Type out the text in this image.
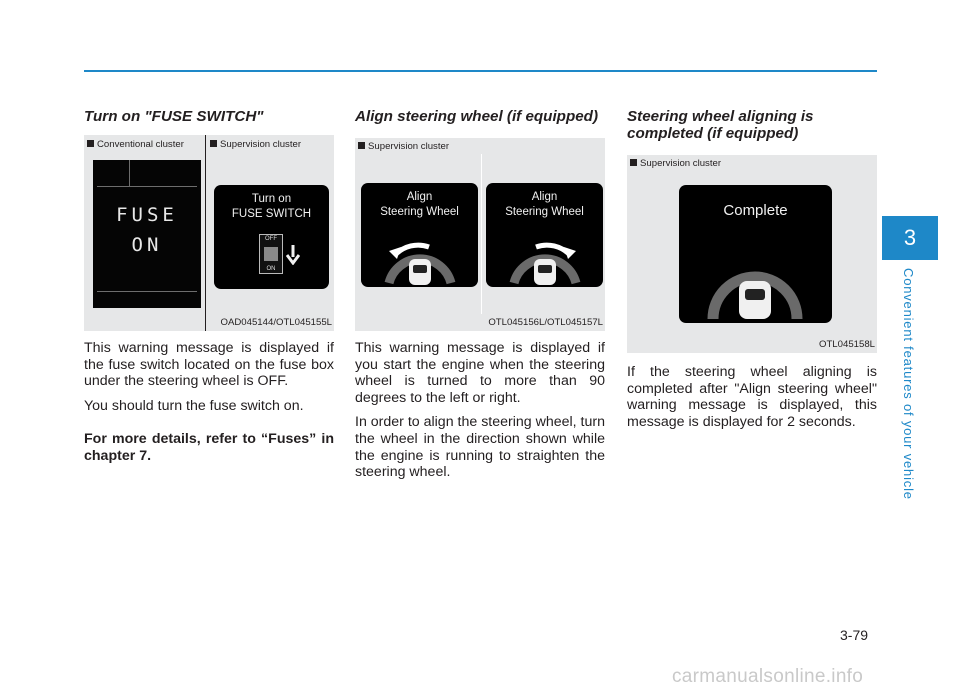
Turn on "FUSE SWITCH"
Conventional cluster	Supervision cluster
FUSE
ON
Turn on
FUSE SWITCH
OFF
ON
OAD045144/OTL045155L

This warning message is displayed if the fuse switch located on the fuse box under the steering wheel is OFF.

You should turn the fuse switch on.

For more details, refer to “Fuses” in chapter 7.

Align steering wheel (if equipped)
Supervision cluster
Align
Steering Wheel
Align
Steering Wheel
OTL045156L/OTL045157L

This warning message is displayed if you start the engine when the steering wheel is turned to more than 90 degrees to the left or right.

In order to align the steering wheel, turn the wheel in the direction shown while the engine is running to straighten the steering wheel.

Steering wheel aligning is completed (if equipped)
Supervision cluster
Complete
OTL045158L

If the steering wheel aligning is completed after "Align steering wheel" warning message is displayed, this message is displayed for 2 seconds.

3
Convenient features of your vehicle
3-79
carmanualsonline.info
